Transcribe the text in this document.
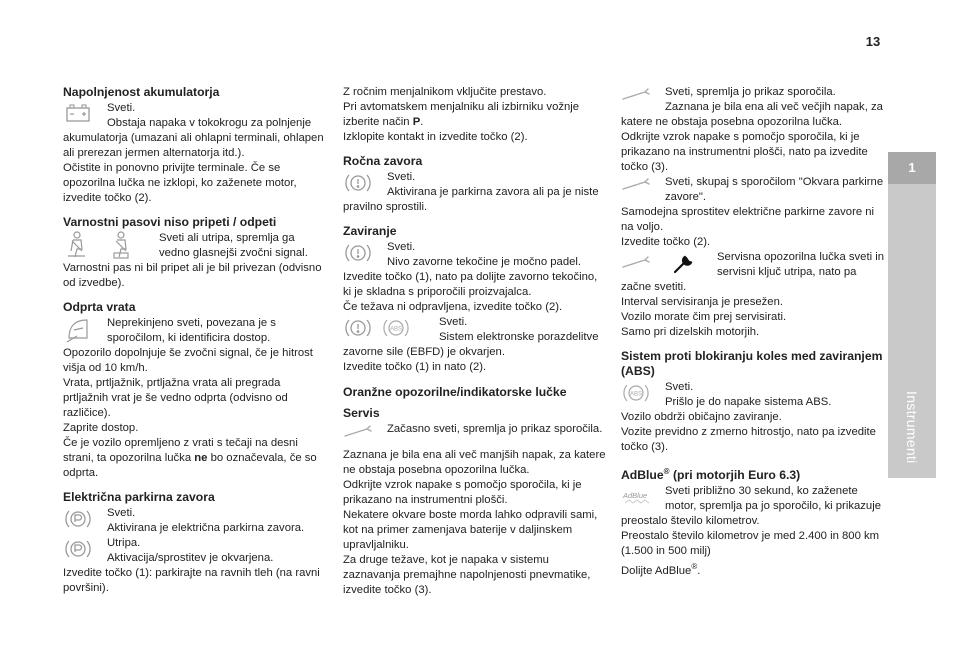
13
1
Instrumenti
Napolnjenost akumulatorja

Sveti.

Obstaja napaka v tokokrogu za polnjenje akumulatorja (umazani ali ohlapni terminali, ohlapen ali prerezan jermen alternatorja itd.).

Očistite in ponovno privijte terminale. Če se opozorilna lučka ne izklopi, ko zaženete motor, izvedite točko (2).

Varnostni pasovi niso pripeti / odpeti

Sveti ali utripa, spremlja ga vedno glasnejši zvočni signal.

Varnostni pas ni bil pripet ali je bil privezan (odvisno od izvedbe).

Odprta vrata

Neprekinjeno sveti, povezana je s sporočilom, ki identificira dostop.

Opozorilo dopolnjuje še zvočni signal, če je hitrost višja od 10 km/h.

Vrata, prtljažnik, prtljažna vrata ali pregrada prtljažnih vrat je še vedno odprta (odvisno od različice).

Zaprite dostop.

Če je vozilo opremljeno z vrati s tečaji na desni strani, ta opozorilna lučka ne bo označevala, če so odprta.

Električna parkirna zavora

Sveti.

Aktivirana je električna parkirna zavora.

Utripa.

Aktivacija/sprostitev je okvarjena.

Izvedite točko (1): parkirajte na ravnih tleh (na ravni površini).

Z ročnim menjalnikom vključite prestavo.

Pri avtomatskem menjalniku ali izbirniku vožnje izberite način P.

Izklopite kontakt in izvedite točko (2).

Ročna zavora

Sveti.

Aktivirana je parkirna zavora ali pa je niste pravilno sprostili.

Zaviranje

Sveti.

Nivo zavorne tekočine je močno padel.

Izvedite točko (1), nato pa dolijte zavorno tekočino, ki je skladna s priporočili proizvajalca.

Če težava ni odpravljena, izvedite točko (2).

ABS

Sveti.

Sistem elektronske porazdelitve zavorne sile (EBFD) je okvarjen.

Izvedite točko (1) in nato (2).

Oranžne opozorilne/indikatorske lučke
Servis

Začasno sveti, spremlja jo prikaz sporočila.

Zaznana je bila ena ali več manjših napak, za katere ne obstaja posebna opozorilna lučka.

Odkrijte vzrok napake s pomočjo sporočila, ki je prikazano na instrumentni plošči.

Nekatere okvare boste morda lahko odpravili sami, kot na primer zamenjava baterije v daljinskem upravljalniku.

Za druge težave, kot je napaka v sistemu zaznavanja premajhne napolnjenosti pnevmatike, izvedite točko (3).

Sveti, spremlja jo prikaz sporočila.

Zaznana je bila ena ali več večjih napak, za katere ne obstaja posebna opozorilna lučka.

Odkrijte vzrok napake s pomočjo sporočila, ki je prikazano na instrumentni plošči, nato pa izvedite točko (3).

Sveti, skupaj s sporočilom "Okvara parkirne zavore".

Samodejna sprostitev električne parkirne zavore ni na voljo.

Izvedite točko (2).

Servisna opozorilna lučka sveti in servisni ključ utripa, nato pa začne svetiti.

Interval servisiranja je presežen.

Vozilo morate čim prej servisirati.

Samo pri dizelskih motorjih.

Sistem proti blokiranju koles med zaviranjem (ABS)
ABS

Sveti.

Prišlo je do napake sistema ABS.

Vozilo obdrži običajno zaviranje.

Vozite previdno z zmerno hitrostjo, nato pa izvedite točko (3).

AdBlue® (pri motorjih Euro 6.3)
AdBlue	Sveti približno 30 sekund, ko zaženete motor, spremlja pa jo sporočilo, ki prikazuje preostalo število kilometrov.

Preostalo število kilometrov je med 2.400 in 800 km (1.500 in 500 milj)

Dolijte AdBlue®.
